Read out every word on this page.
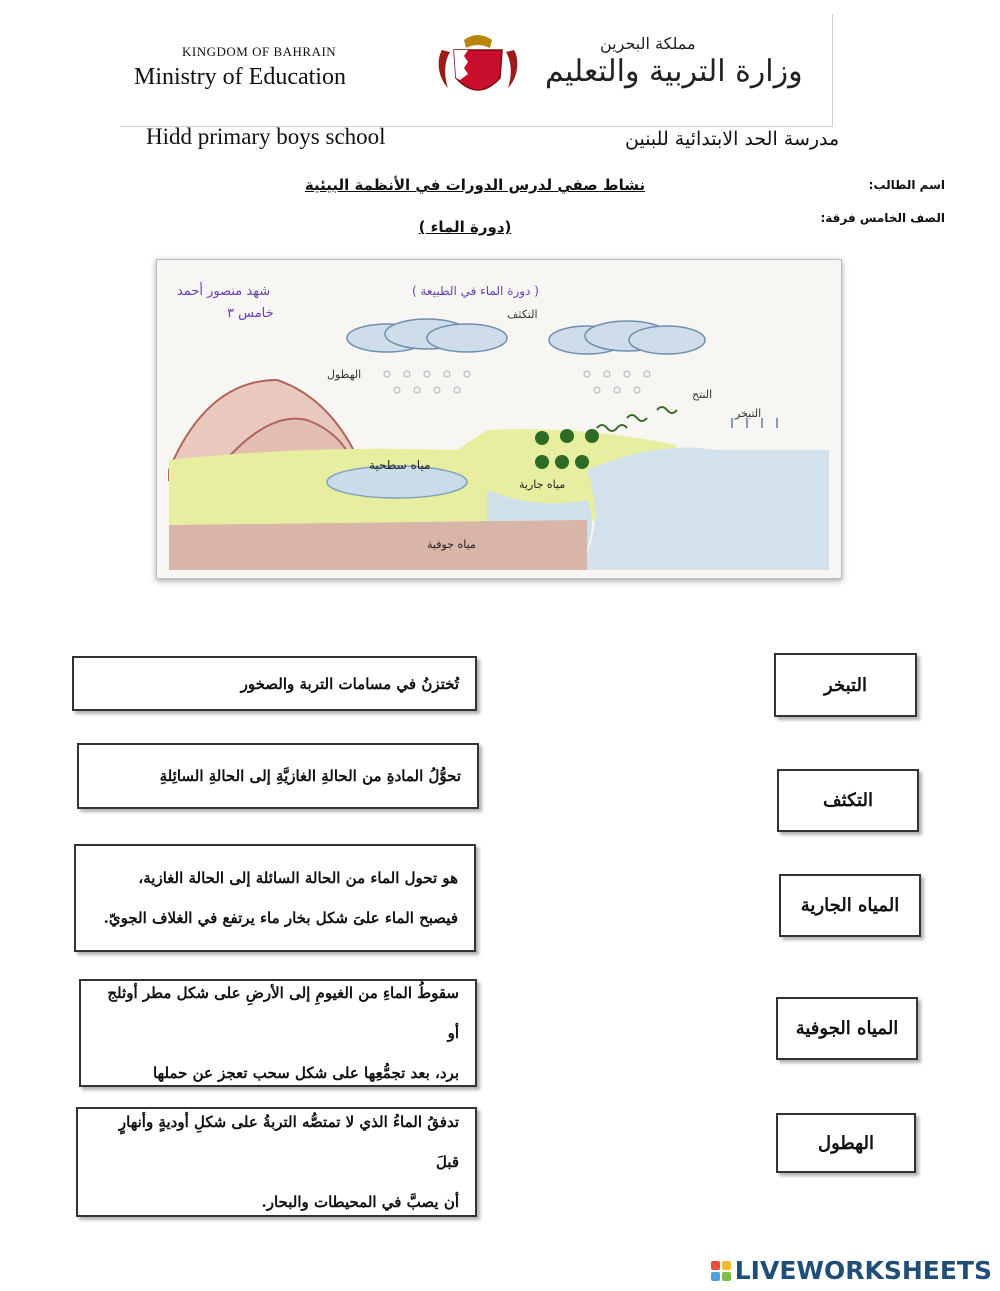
KINGDOM OF BAHRAIN
Ministry of Education
مملكة البحرين
وزارة التربية والتعليم
Hidd primary boys school	مدرسة الحد الابتدائية للبنين
اسم الطالب:
الصف الخامس فرقة:
نشاط صفي لدرس الدورات في الأنظمة البيئية
(دورة الماء )
( دورة الماء في الطبيعة )
شهد منصور أحمد
خامس ٣	التكثف
الهطول
النتح
التبخر
مياه سطحية
مياه جارية
مياه جوفية
تُختزنُ في مسامات التربة والصخور
تحوُّلُ المادةِ من الحالةِ الغازيَّةِ إلى الحالةِ السائِلةِ
هو تحول الماء من الحالة السائلة إلى الحالة الغازية،
فيصبح الماء علىَ شكل بخار ماء يرتفع في الغلاف الجويّ.
سقوطُ الماءِ من الغيومِ إلى الأرضِ على شكل مطر أوثلج أو
برد، بعد تجمُّعِها على شكل سحب تعجز عن حملها
تدفقُ الماءُ الذي لا تمتصُّه التربةُ على شكلِ أوديةٍ وأنهارٍ قبلَ
أن يصبَّ في المحيطات والبحار.
التبخر
التكثف
المياه الجارية
المياه الجوفية
الهطول
LIVEWORKSHEETS
